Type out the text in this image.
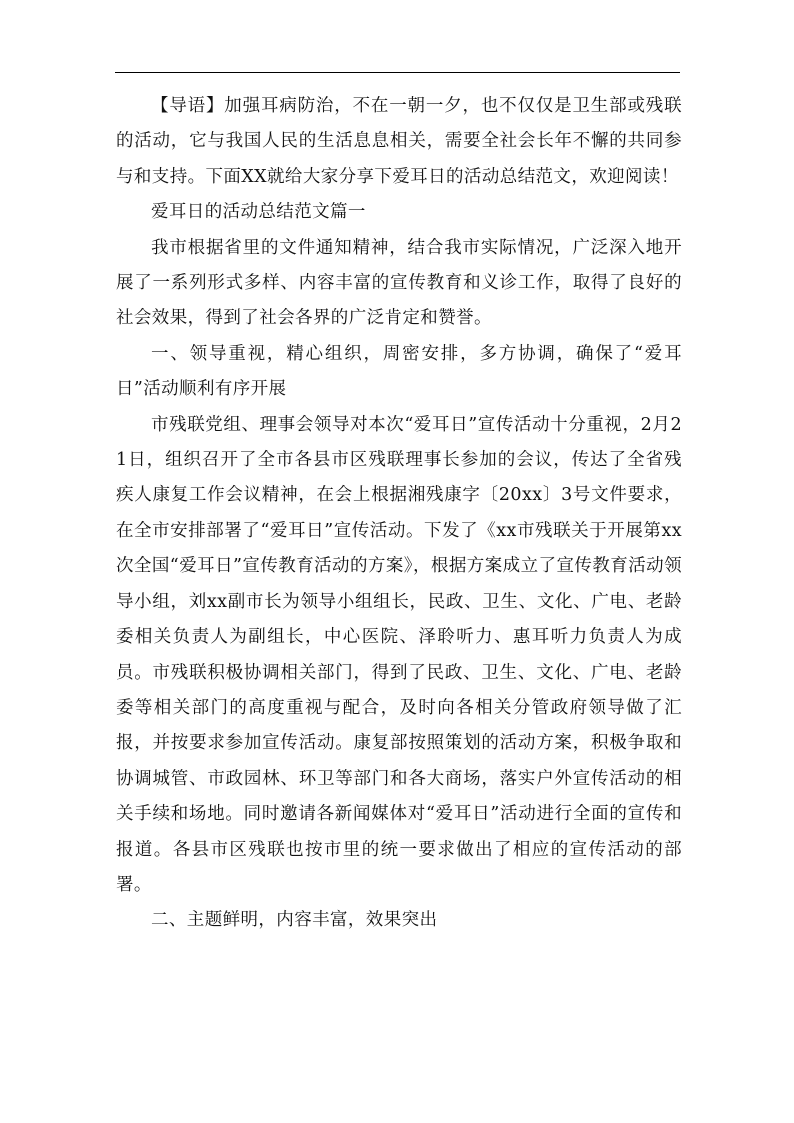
【导语】加强耳病防治，不在一朝一夕，也不仅仅是卫生部或残联的活动，它与我国人民的生活息息相关，需要全社会长年不懈的共同参与和支持。下面XX就给大家分享下爱耳日的活动总结范文，欢迎阅读！

爱耳日的活动总结范文篇一

我市根据省里的文件通知精神，结合我市实际情况，广泛深入地开展了一系列形式多样、内容丰富的宣传教育和义诊工作，取得了良好的社会效果，得到了社会各界的广泛肯定和赞誉。

一、领导重视，精心组织，周密安排，多方协调，确保了“爱耳日”活动顺利有序开展

市残联党组、理事会领导对本次“爱耳日”宣传活动十分重视，2月21日，组织召开了全市各县市区残联理事长参加的会议，传达了全省残疾人康复工作会议精神，在会上根据湘残康字〔20xx〕3号文件要求，在全市安排部署了“爱耳日”宣传活动。下发了《xx市残联关于开展第xx次全国“爱耳日”宣传教育活动的方案》，根据方案成立了宣传教育活动领导小组，刘xx副市长为领导小组组长，民政、卫生、文化、广电、老龄委相关负责人为副组长，中心医院、泽聆听力、惠耳听力负责人为成员。市残联积极协调相关部门，得到了民政、卫生、文化、广电、老龄委等相关部门的高度重视与配合，及时向各相关分管政府领导做了汇报，并按要求参加宣传活动。康复部按照策划的活动方案，积极争取和协调城管、市政园林、环卫等部门和各大商场，落实户外宣传活动的相关手续和场地。同时邀请各新闻媒体对“爱耳日”活动进行全面的宣传和报道。各县市区残联也按市里的统一要求做出了相应的宣传活动的部署。

二、主题鲜明，内容丰富，效果突出
